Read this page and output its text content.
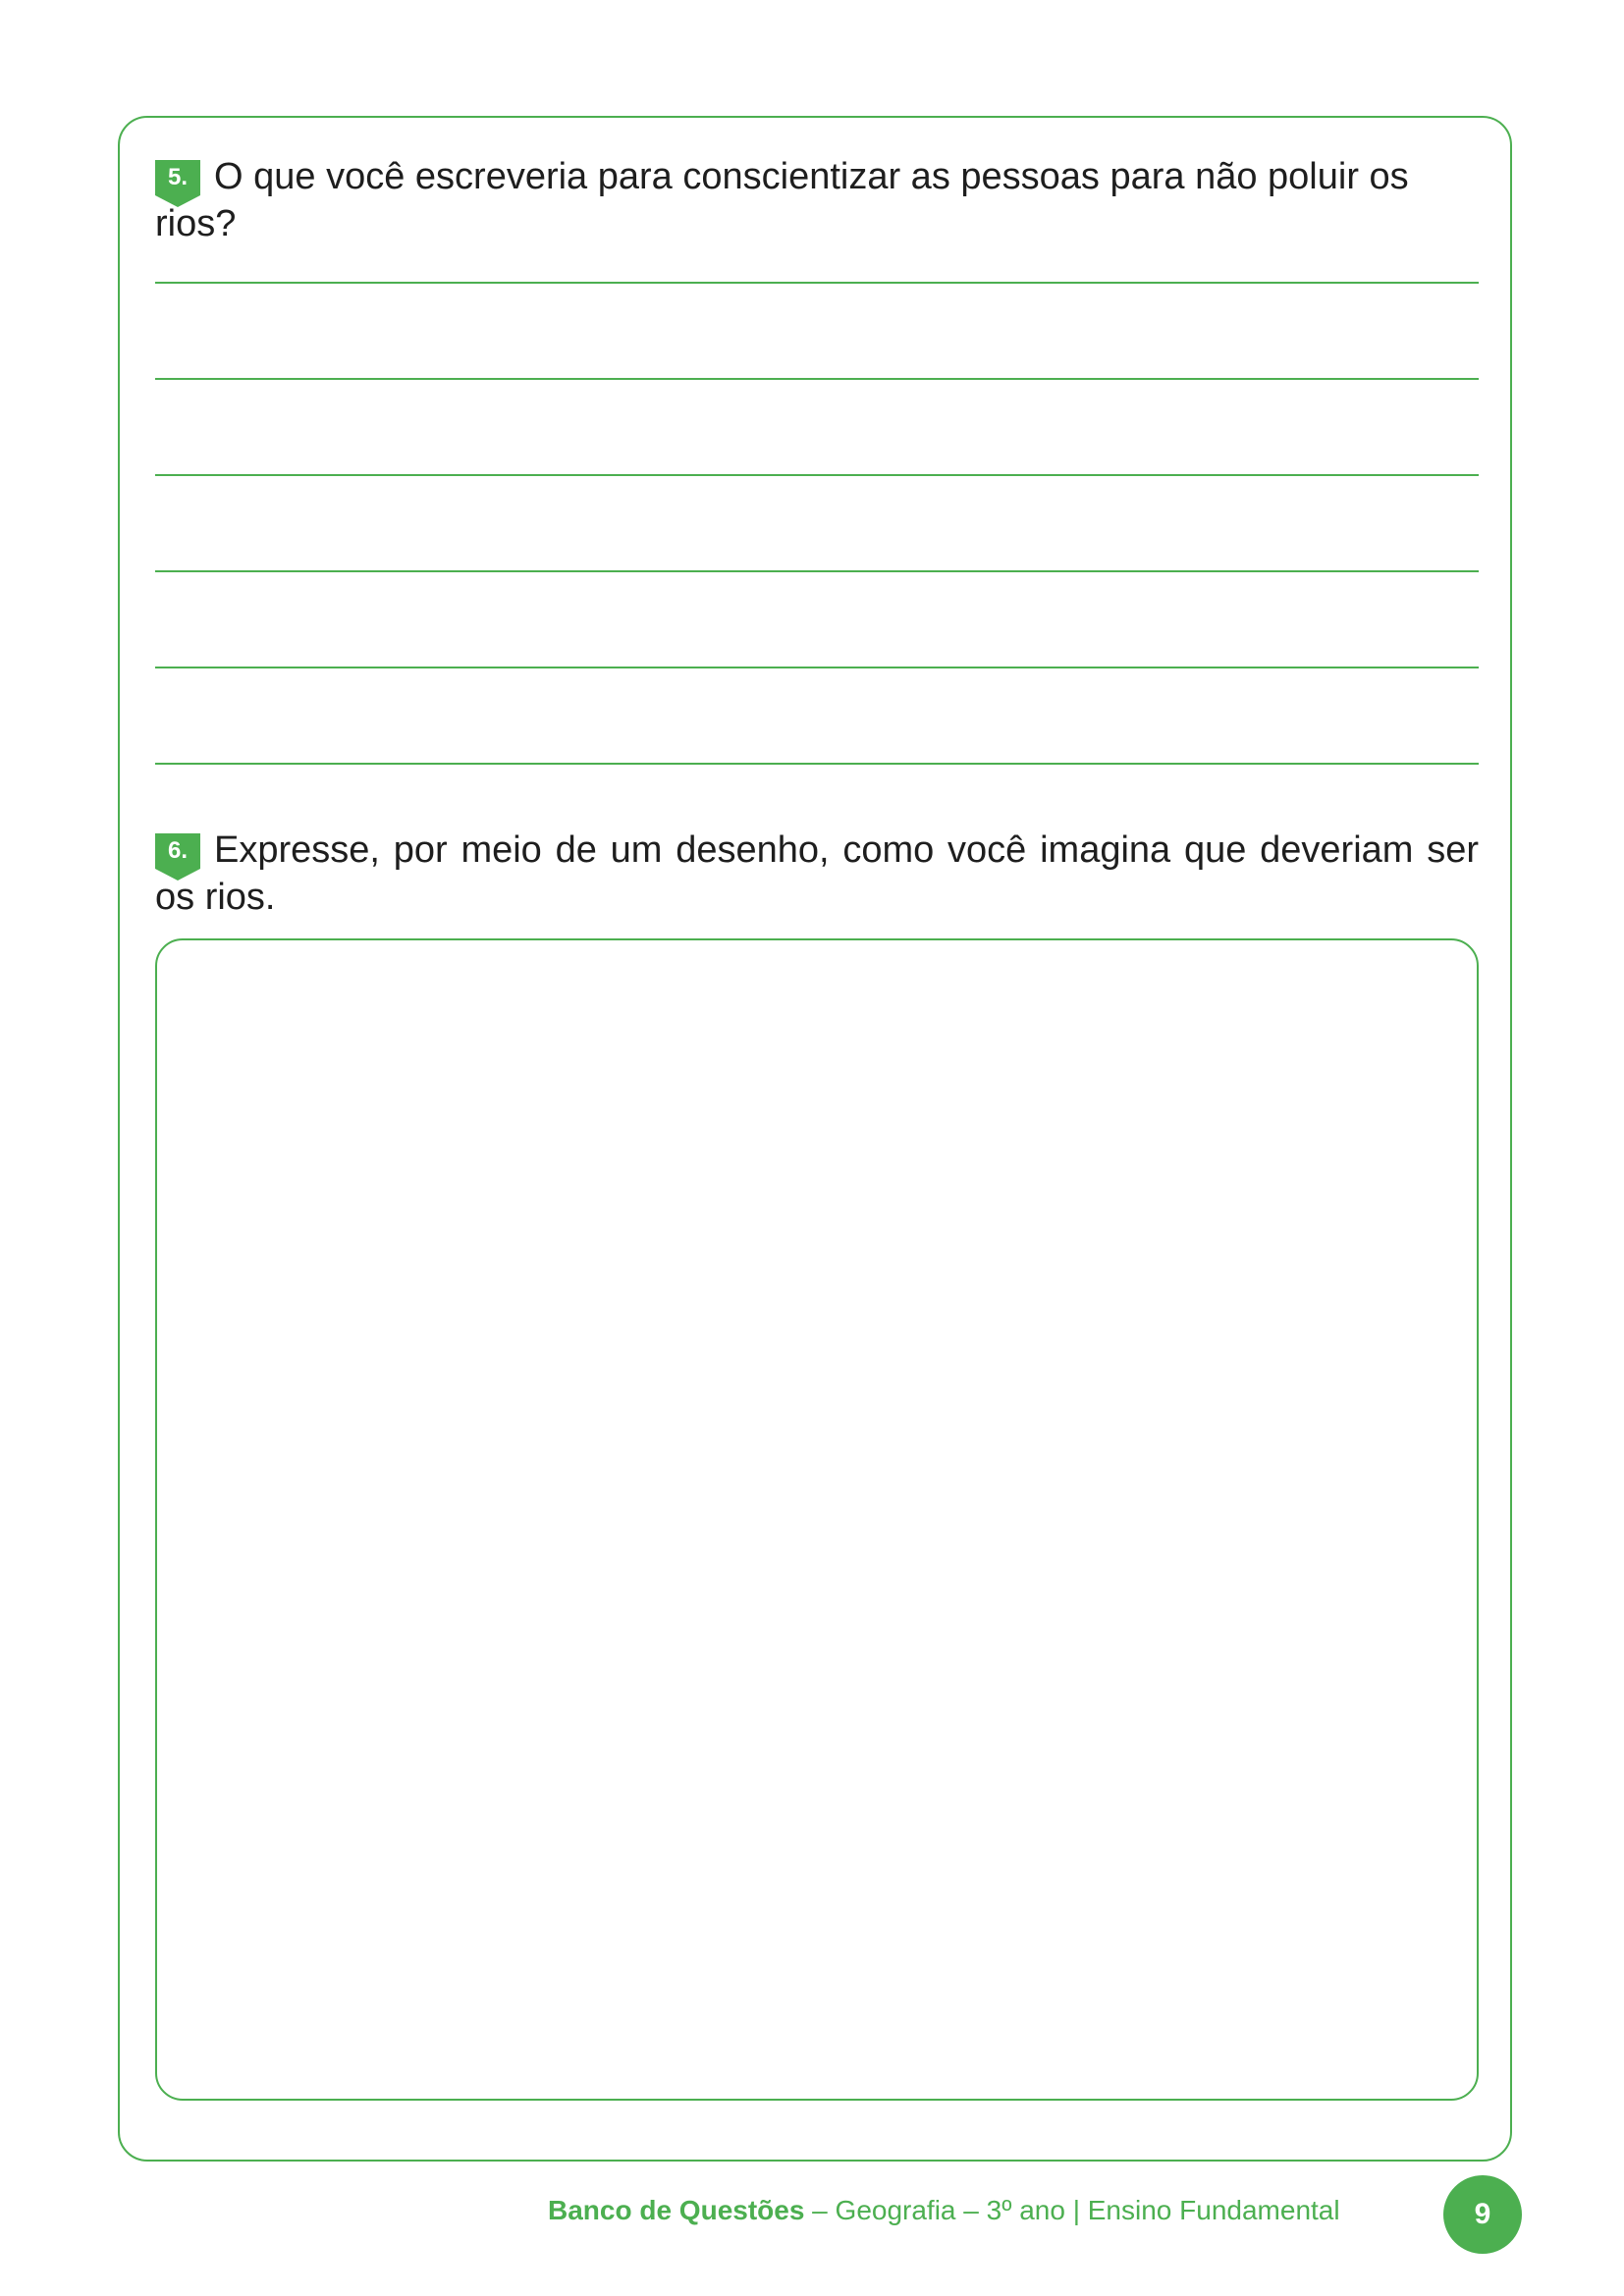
5. O que você escreveria para conscientizar as pessoas para não poluir os rios?
6. Expresse, por meio de um desenho, como você imagina que deveriam ser os rios.
Banco de Questões – Geografia – 3º ano | Ensino Fundamental	9
